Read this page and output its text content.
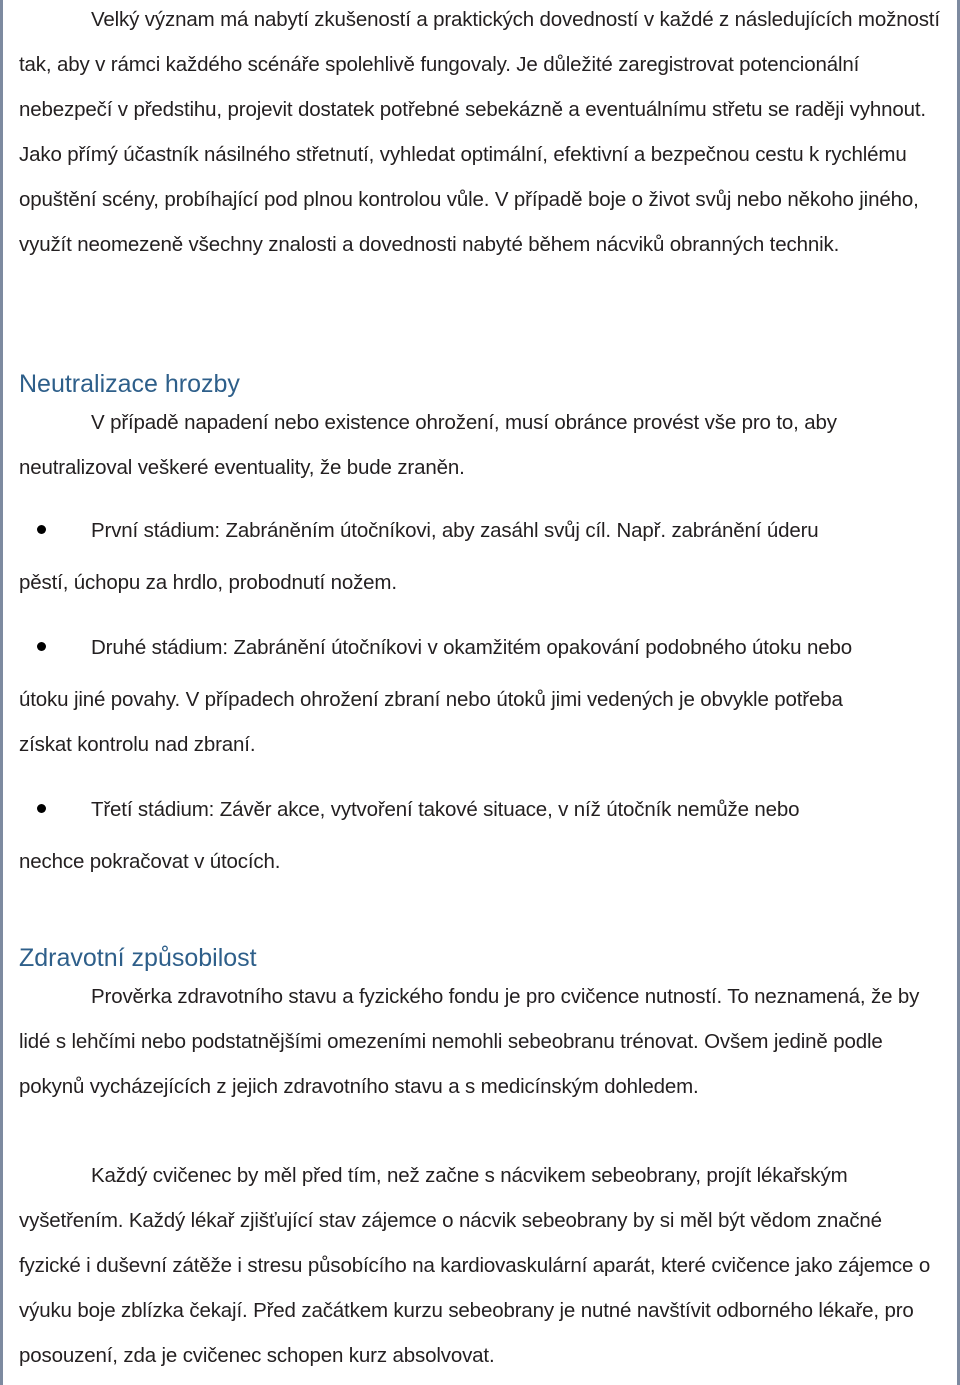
Velký význam má nabytí zkušeností a praktických dovedností v každé z následujících možností tak, aby v rámci každého scénáře spolehlivě fungovaly. Je důležité zaregistrovat potencionální nebezpečí v předstihu, projevit dostatek potřebné sebekázně a eventuálnímu střetu se raději vyhnout. Jako přímý účastník násilného střetnutí, vyhledat optimální, efektivní a bezpečnou cestu k rychlému opuštění scény, probíhající pod plnou kontrolou vůle. V případě boje o život svůj nebo někoho jiného, využít neomezeně všechny znalosti a dovednosti nabyté během nácviků obranných technik.

Neutralizace hrozby

V případě napadení nebo existence ohrožení, musí obránce provést vše pro to, aby neutralizoval veškeré eventuality, že bude zraněn.

První stádium: Zabráněním útočníkovi, aby zasáhl svůj cíl. Např. zabránění úderu
pěstí, úchopu za hrdlo, probodnutí nožem.
Druhé stádium: Zabránění útočníkovi v okamžitém opakování podobného útoku nebo
útoku jiné povahy. V případech ohrožení zbraní nebo útoků jimi vedených je obvykle potřeba
získat kontrolu nad zbraní.
Třetí stádium: Závěr akce, vytvoření takové situace, v níž útočník nemůže nebo
nechce pokračovat v útocích.
Zdravotní způsobilost

Prověrka zdravotního stavu a fyzického fondu je pro cvičence nutností. To neznamená, že by lidé s lehčími nebo podstatnějšími omezeními nemohli sebeobranu trénovat. Ovšem jedině podle pokynů vycházejících z jejich zdravotního stavu a s medicínským dohledem.

Každý cvičenec by měl před tím, než začne s nácvikem sebeobrany, projít lékařským vyšetřením. Každý lékař zjišťující stav zájemce o nácvik sebeobrany by si měl být vědom značné fyzické i duševní zátěže i stresu působícího na kardiovaskulární aparát, které cvičence jako zájemce o výuku boje zblízka čekají. Před začátkem kurzu sebeobrany je nutné navštívit odborného lékaře, pro posouzení, zda je cvičenec schopen kurz absolvovat.
